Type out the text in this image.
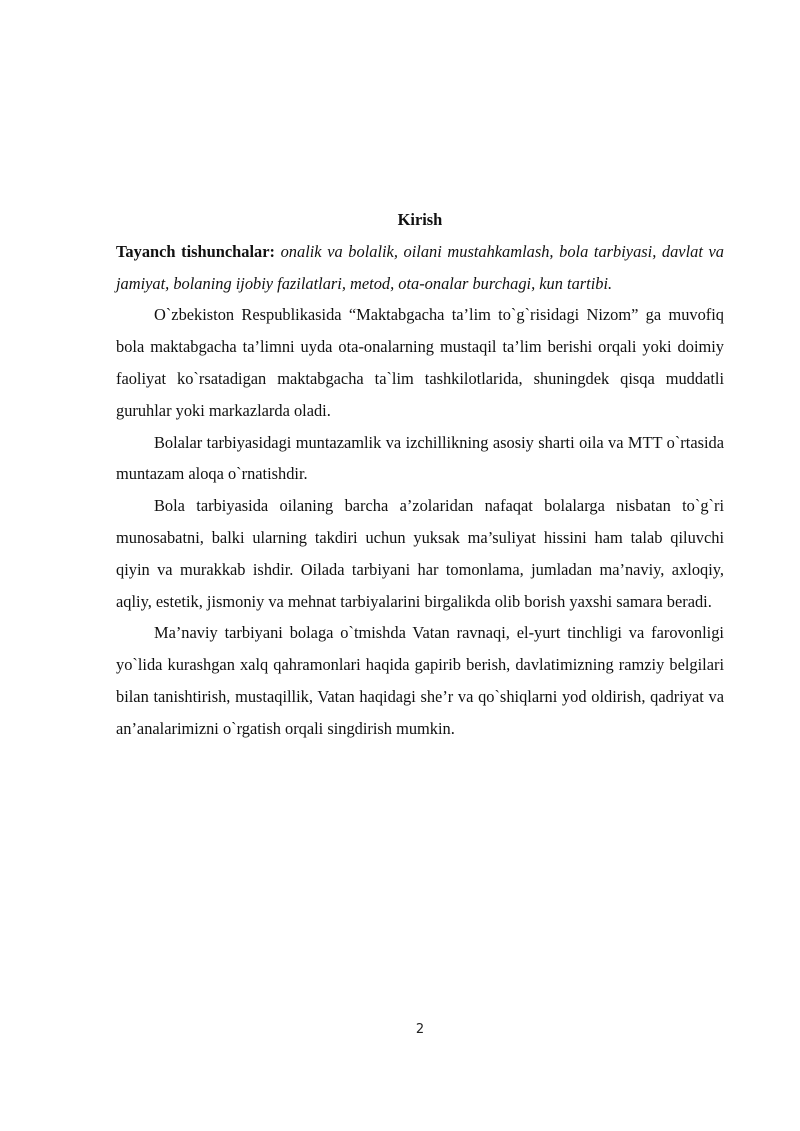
Kirish

Tayanch tishunchalar: onalik va bolalik, oilani mustahkamlash, bola tarbiyasi, davlat va jamiyat, bolaning ijobiy fazilatlari, metod, ota-onalar burchagi, kun tartibi.

O`zbekiston Respublikasida “Maktabgacha ta’lim to`g`risidagi Nizom” ga muvofiq bola maktabgacha ta’limni uyda ota-onalarning mustaqil ta’lim berishi orqali yoki doimiy faoliyat ko`rsatadigan maktabgacha ta`lim tashkilotlarida, shuningdek qisqa muddatli guruhlar yoki markazlarda oladi.

Bolalar tarbiyasidagi muntazamlik va izchillikning asosiy sharti oila va MTT o`rtasida muntazam aloqa o`rnatishdir.

Bola tarbiyasida oilaning barcha a’zolaridan nafaqat bolalarga nisbatan to`g`ri munosabatni, balki ularning takdiri uchun yuksak ma’suliyat hissini ham talab qiluvchi qiyin va murakkab ishdir. Oilada tarbiyani har tomonlama, jumladan ma’naviy, axloqiy, aqliy, estetik, jismoniy va mehnat tarbiyalarini birgalikda olib borish yaxshi samara beradi.

Ma’naviy tarbiyani bolaga o`tmishda Vatan ravnaqi, el-yurt tinchligi va farovonligi yo`lida kurashgan xalq qahramonlari haqida gapirib berish, davlatimizning ramziy belgilari bilan tanishtirish, mustaqillik, Vatan haqidagi she’r va qo`shiqlarni yod oldirish, qadriyat va an’analarimizni o`rgatish orqali singdirish mumkin.

2
